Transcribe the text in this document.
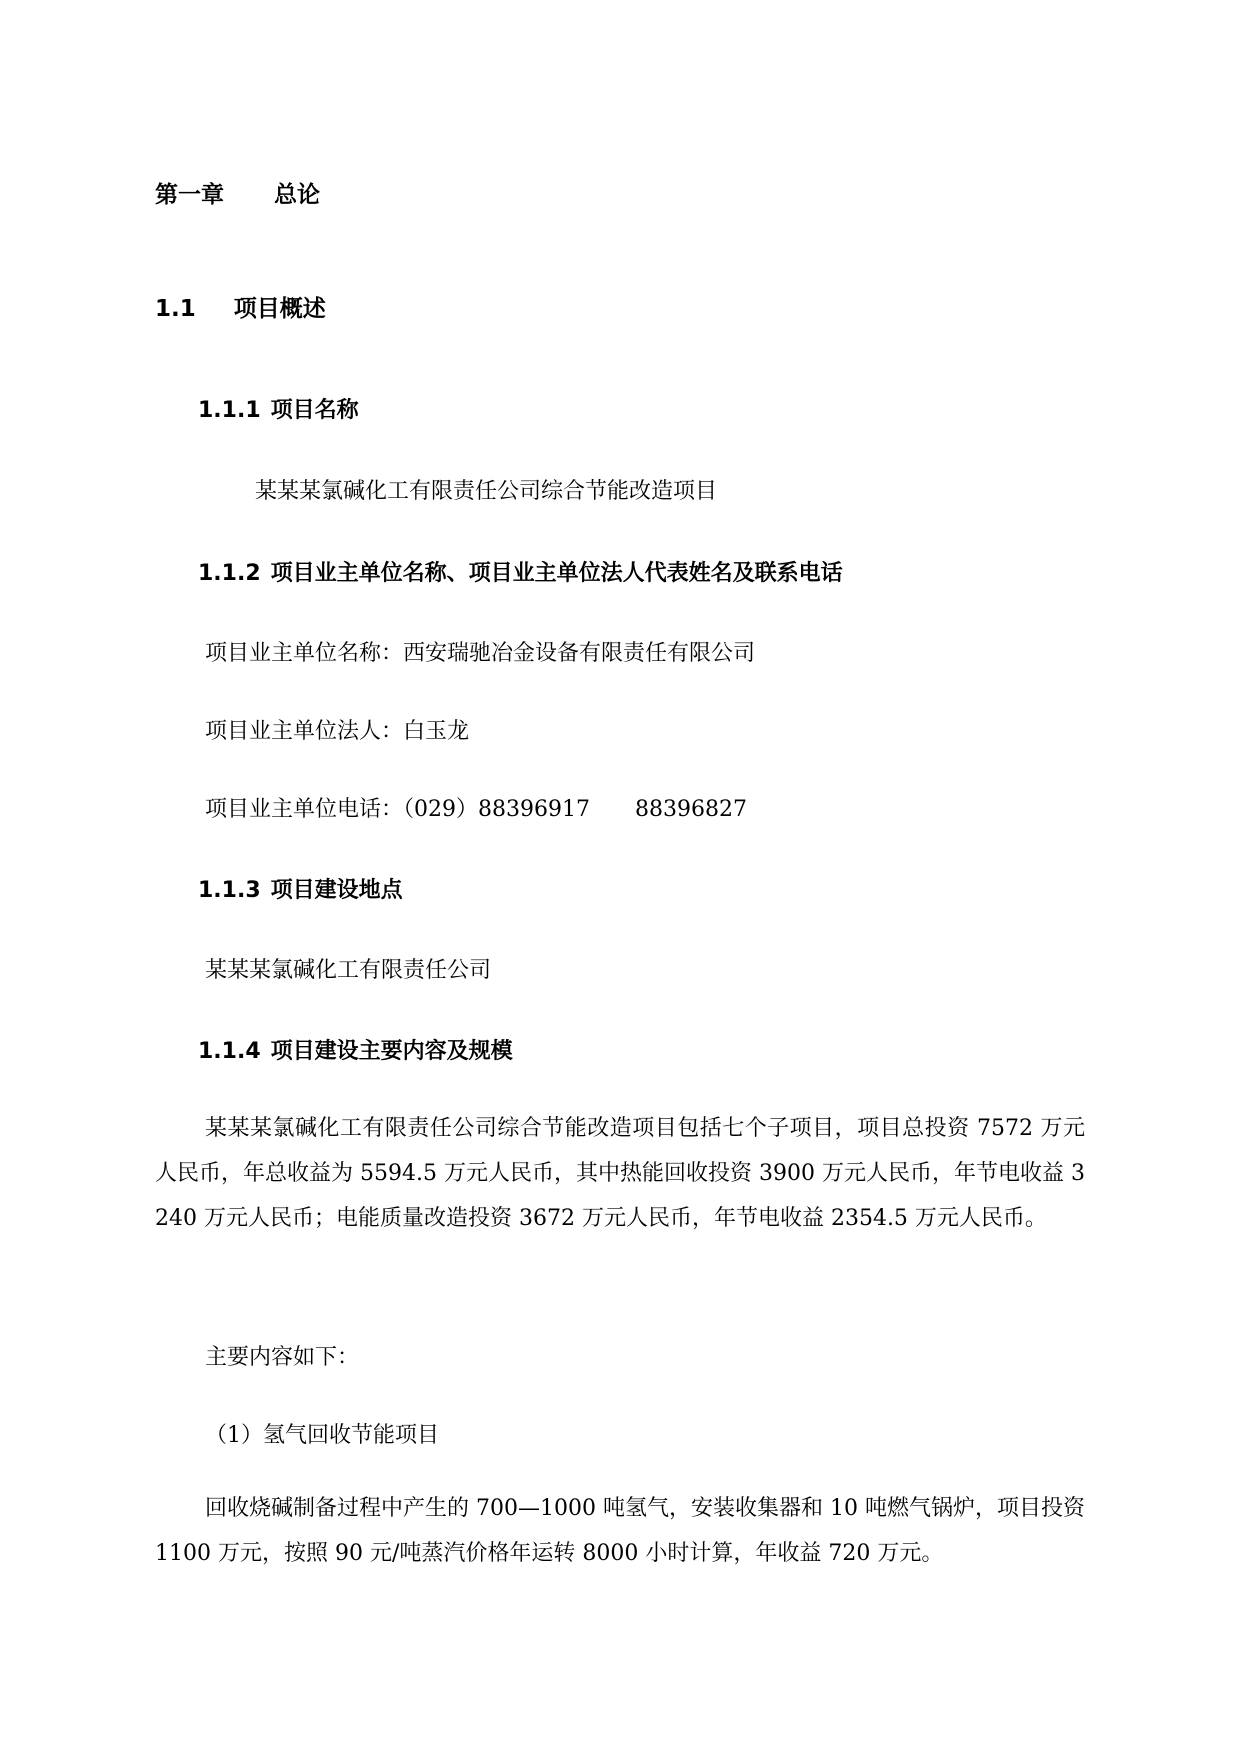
第一章 总论
1.1 项目概述
1.1.1 项目名称
某某某氯碱化工有限责任公司综合节能改造项目
1.1.2 项目业主单位名称、项目业主单位法人代表姓名及联系电话
项目业主单位名称：西安瑞驰冶金设备有限责任有限公司
项目业主单位法人：白玉龙
项目业主单位电话：（029）88396917 88396827
1.1.3 项目建设地点
某某某氯碱化工有限责任公司
1.1.4 项目建设主要内容及规模
某某某氯碱化工有限责任公司综合节能改造项目包括七个子项目，项目总投资 7572 万元人民币，年总收益为 5594.5 万元人民币，其中热能回收投资 3900 万元人民币，年节电收益 3240 万元人民币；电能质量改造投资 3672 万元人民币，年节电收益 2354.5 万元人民币。
主要内容如下：
（1）氢气回收节能项目
回收烧碱制备过程中产生的 700—1000 吨氢气，安装收集器和 10 吨燃气锅炉，项目投资 1100 万元，按照 90 元/吨蒸汽价格年运转 8000 小时计算，年收益 720 万元。
